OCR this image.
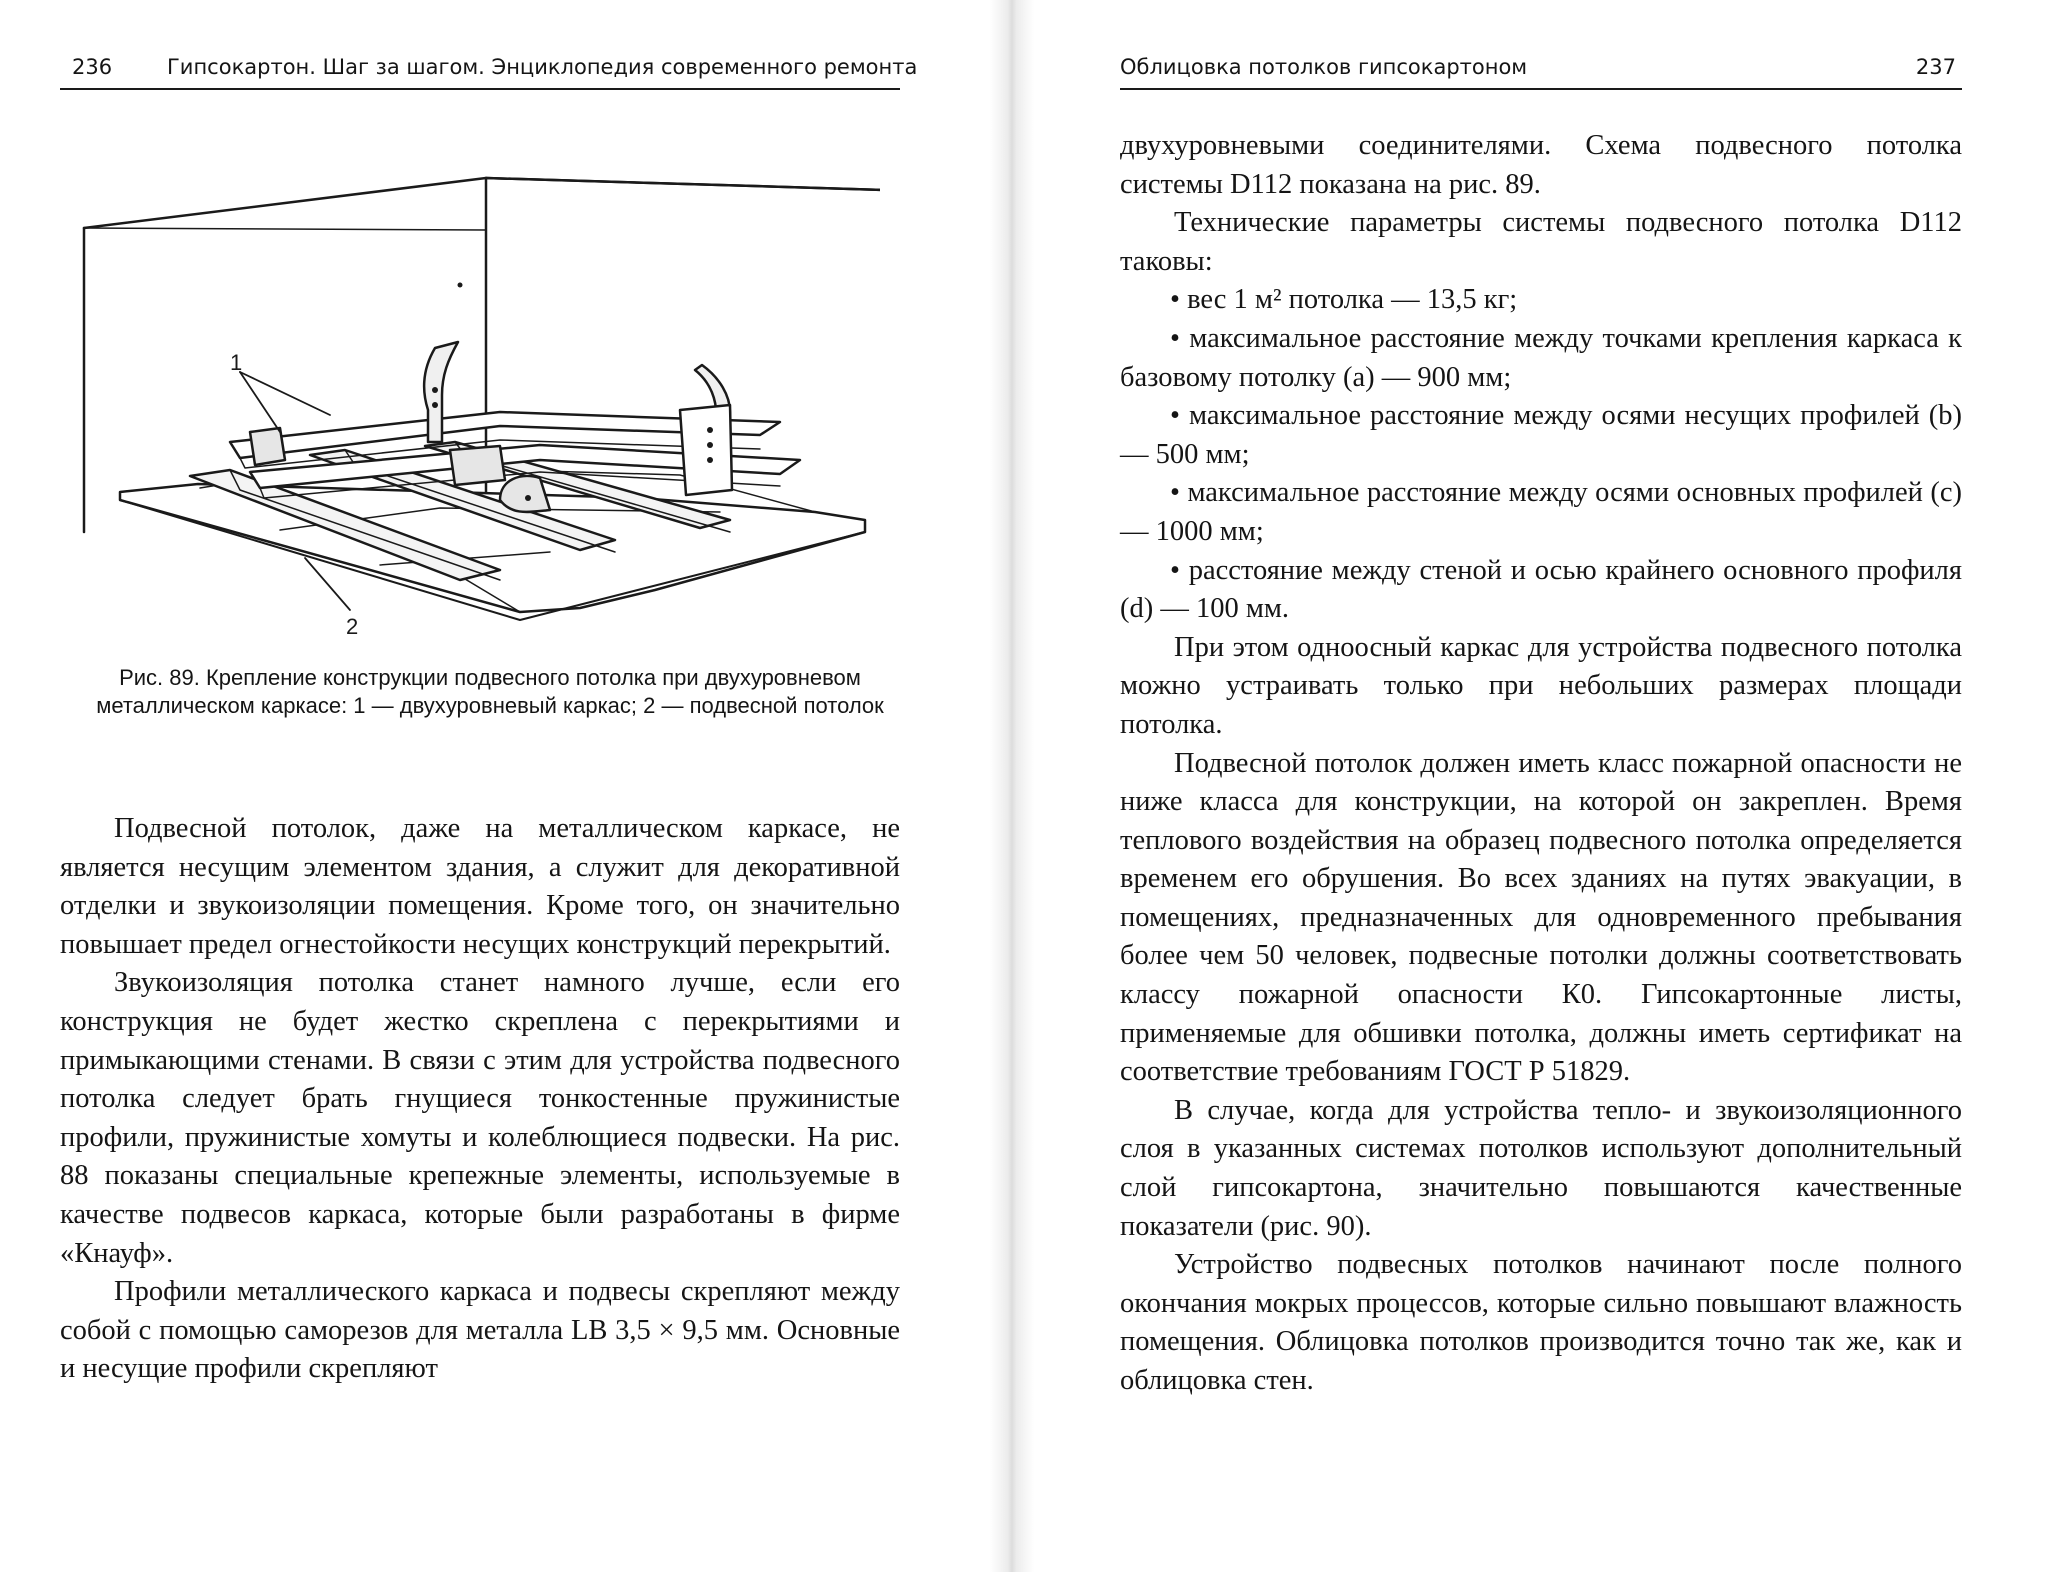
236	Гипсокартон. Шаг за шагом. Энциклопедия современного ремонта
1
2
Рис. 89. Крепление конструкции подвесного потолка при двухуровневом металлическом каркасе: 1 — двухуровневый каркас; 2 — подвесной потолок

Подвесной потолок, даже на металлическом каркасе, не является несущим элементом здания, а служит для декоративной отделки и звукоизоляции помещения. Кроме того, он значительно повышает предел огнестойкости несущих конструкций перекрытий.

Звукоизоляция потолка станет намного лучше, если его конструкция не будет жестко скреплена с перекрытиями и примыкающими стенами. В связи с этим для устройства подвесного потолка следует брать гнущиеся тонкостенные пружинистые профили, пружинистые хомуты и колеблющиеся подвески. На рис. 88 показаны специальные крепежные элементы, используемые в качестве подвесов каркаса, которые были разработаны в фирме «Кнауф».

Профили металлического каркаса и подвесы скрепляют между собой с помощью саморезов для металла LB 3,5 × 9,5 мм. Основные и несущие профили скрепляют

Облицовка потолков гипсокартоном	237

двухуровневыми соединителями. Схема подвесного потолка системы D112 показана на рис. 89.

Технические параметры системы подвесного потолка D112 таковы:

• вес 1 м² потолка — 13,5 кг;
• максимальное расстояние между точками крепления каркаса к базовому потолку (а) — 900 мм;
• максимальное расстояние между осями несущих профилей (b) — 500 мм;
• максимальное расстояние между осями основных профилей (c) — 1000 мм;
• расстояние между стеной и осью крайнего основного профиля (d) — 100 мм.

При этом одноосный каркас для устройства подвесного потолка можно устраивать только при небольших размерах площади потолка.

Подвесной потолок должен иметь класс пожарной опасности не ниже класса для конструкции, на которой он закреплен. Время теплового воздействия на образец подвесного потолка определяется временем его обрушения. Во всех зданиях на путях эвакуации, в помещениях, предназначенных для одновременного пребывания более чем 50 человек, подвесные потолки должны соответствовать классу пожарной опасности К0. Гипсокартонные листы, применяемые для обшивки потолка, должны иметь сертификат на соответствие требованиям ГОСТ Р 51829.

В случае, когда для устройства тепло- и звукоизоляционного слоя в указанных системах потолков используют дополнительный слой гипсокартона, значительно повышаются качественные показатели (рис. 90).

Устройство подвесных потолков начинают после полного окончания мокрых процессов, которые сильно повышают влажность помещения. Облицовка потолков производится точно так же, как и облицовка стен.
